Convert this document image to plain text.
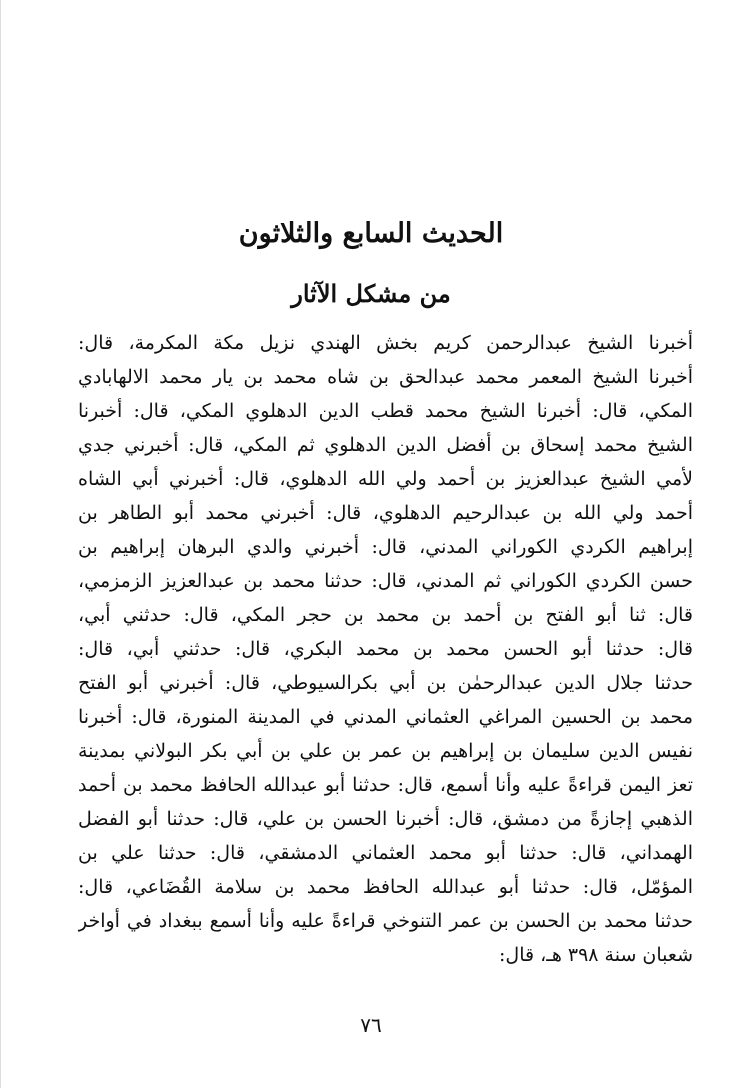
الحديث السابع والثلاثون
من مشكل الآثار
أخبرنا الشيخ عبدالرحمن كريم بخش الهندي نزيل مكة المكرمة، قال:
أخبرنا الشيخ المعمر محمد عبدالحق بن شاه محمد بن يار محمد الالهابادي
المكي، قال: أخبرنا الشيخ محمد قطب الدين الدهلوي المكي، قال: أخبرنا
الشيخ محمد إسحاق بن أفضل الدين الدهلوي ثم المكي، قال: أخبرني جدي
لأمي الشيخ عبدالعزيز بن أحمد ولي الله الدهلوي، قال: أخبرني أبي الشاه
أحمد ولي الله بن عبدالرحيم الدهلوي، قال: أخبرني محمد أبو الطاهر بن
إبراهيم الكردي الكوراني المدني، قال: أخبرني والدي البرهان إبراهيم بن
حسن الكردي الكوراني ثم المدني، قال: حدثنا محمد بن عبدالعزيز الزمزمي،
قال: ثنا أبو الفتح بن أحمد بن محمد بن حجر المكي، قال: حدثني أبي،
قال: حدثنا أبو الحسن محمد بن محمد البكري، قال: حدثني أبي، قال:
حدثنا جلال الدين عبدالرحمٰن بن أبي بكرالسيوطي، قال: أخبرني أبو الفتح
محمد بن الحسين المراغي العثماني المدني في المدينة المنورة، قال: أخبرنا
نفيس الدين سليمان بن إبراهيم بن عمر بن علي بن أبي بكر البولاني بمدينة
تعز اليمن قراءةً عليه وأنا أسمع، قال: حدثنا أبو عبدالله الحافظ محمد بن أحمد
الذهبي إجازةً من دمشق، قال: أخبرنا الحسن بن علي، قال: حدثنا أبو الفضل
الهمداني، قال: حدثنا أبو محمد العثماني الدمشقي، قال: حدثنا علي بن
المؤمّل، قال: حدثنا أبو عبدالله الحافظ محمد بن سلامة القُضَاعي، قال:
حدثنا محمد بن الحسن بن عمر التنوخي قراءةً عليه وأنا أسمع ببغداد في أواخر
شعبان سنة ٣٩٨ هـ، قال:
٧٦
